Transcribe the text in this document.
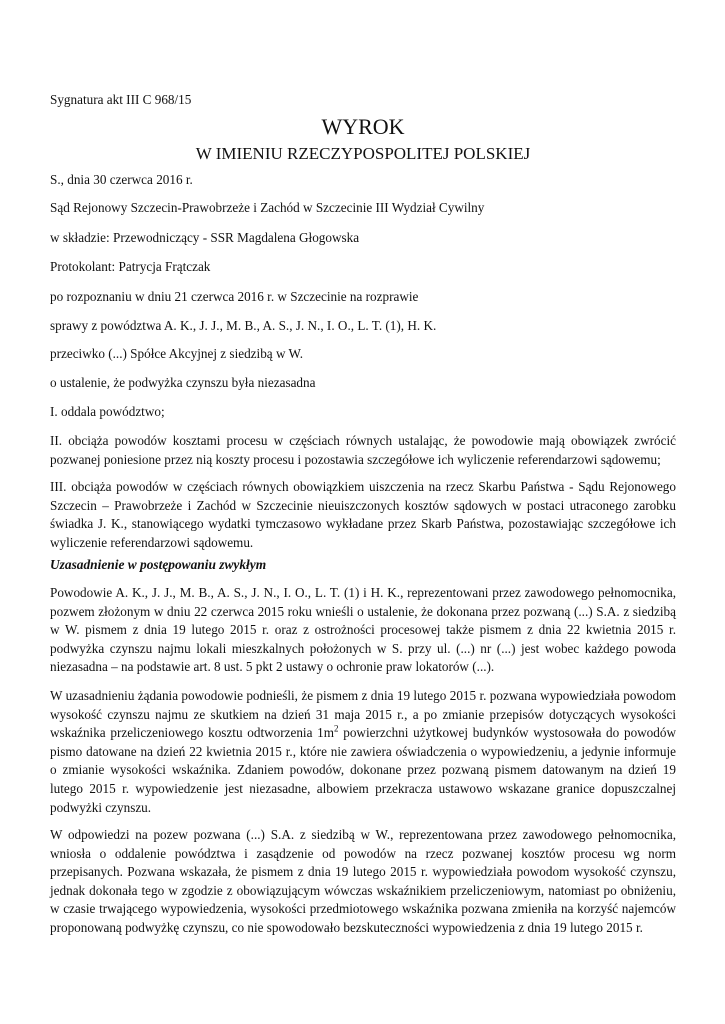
Sygnatura akt III C 968/15
WYROK
W IMIENIU RZECZYPOSPOLITEJ POLSKIEJ
S., dnia 30 czerwca 2016 r.
Sąd Rejonowy Szczecin-Prawobrzeże i Zachód w Szczecinie III Wydział Cywilny
w składzie: Przewodniczący - SSR Magdalena Głogowska
Protokolant: Patrycja Frątczak
po rozpoznaniu w dniu 21 czerwca 2016 r. w Szczecinie na rozprawie
sprawy z powództwa A. K., J. J., M. B., A. S., J. N., I. O., L. T. (1), H. K.
przeciwko (...) Spółce Akcyjnej z siedzibą w W.
o ustalenie, że podwyżka czynszu była niezasadna
I. oddala powództwo;
II. obciąża powodów kosztami procesu w częściach równych ustalając, że powodowie mają obowiązek zwrócić pozwanej poniesione przez nią koszty procesu i pozostawia szczegółowe ich wyliczenie referendarzowi sądowemu;
III. obciąża powodów w częściach równych obowiązkiem uiszczenia na rzecz Skarbu Państwa - Sądu Rejonowego Szczecin – Prawobrzeże i Zachód w Szczecinie nieuiszczonych kosztów sądowych w postaci utraconego zarobku świadka J. K., stanowiącego wydatki tymczasowo wykładane przez Skarb Państwa, pozostawiając szczegółowe ich wyliczenie referendarzowi sądowemu.
Uzasadnienie w postępowaniu zwykłym
Powodowie A. K., J. J., M. B., A. S., J. N., I. O., L. T. (1) i H. K., reprezentowani przez zawodowego pełnomocnika, pozwem złożonym w dniu 22 czerwca 2015 roku wnieśli o ustalenie, że dokonana przez pozwaną (...) S.A. z siedzibą w W. pismem z dnia 19 lutego 2015 r. oraz z ostrożności procesowej także pismem z dnia 22 kwietnia 2015 r. podwyżka czynszu najmu lokali mieszkalnych położonych w S. przy ul. (...) nr (...) jest wobec każdego powoda niezasadna – na podstawie art. 8 ust. 5 pkt 2 ustawy o ochronie praw lokatorów (...).
W uzasadnieniu żądania powodowie podnieśli, że pismem z dnia 19 lutego 2015 r. pozwana wypowiedziała powodom wysokość czynszu najmu ze skutkiem na dzień 31 maja 2015 r., a po zmianie przepisów dotyczących wysokości wskaźnika przeliczeniowego kosztu odtworzenia $1m^2$ powierzchni użytkowej budynków wystosowała do powodów pismo datowane na dzień 22 kwietnia 2015 r., które nie zawiera oświadczenia o wypowiedzeniu, a jedynie informuje o zmianie wysokości wskaźnika. Zdaniem powodów, dokonane przez pozwaną pismem datowanym na dzień 19 lutego 2015 r. wypowiedzenie jest niezasadne, albowiem przekracza ustawowo wskazane granice dopuszczalnej podwyżki czynszu.
W odpowiedzi na pozew pozwana (...) S.A. z siedzibą w W., reprezentowana przez zawodowego pełnomocnika, wniosła o oddalenie powództwa i zasądzenie od powodów na rzecz pozwanej kosztów procesu wg norm przepisanych. Pozwana wskazała, że pismem z dnia 19 lutego 2015 r. wypowiedziała powodom wysokość czynszu, jednak dokonała tego w zgodzie z obowiązującym wówczas wskaźnikiem przeliczeniowym, natomiast po obniżeniu, w czasie trwającego wypowiedzenia, wysokości przedmiotowego wskaźnika pozwana zmieniła na korzyść najemców proponowaną podwyżkę czynszu, co nie spowodowało bezskuteczności wypowiedzenia z dnia 19 lutego 2015 r.
